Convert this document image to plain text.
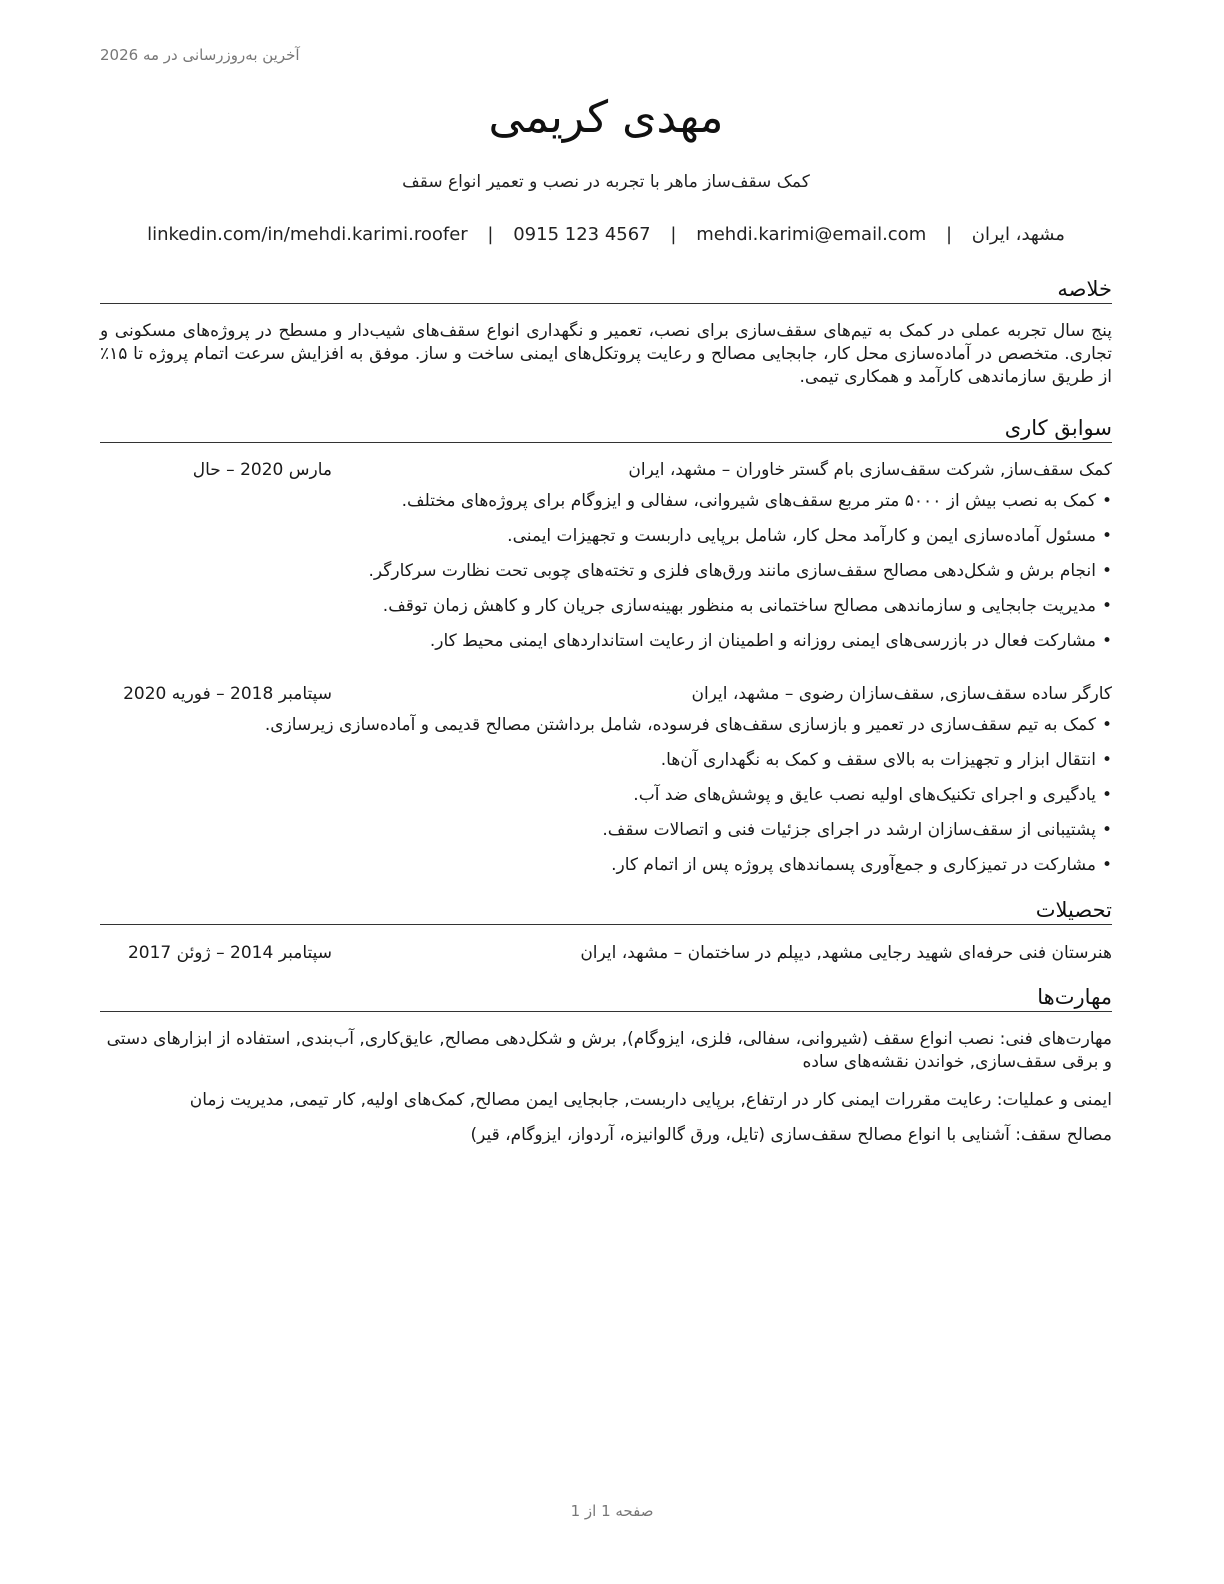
آخرین به‌روزرسانی در مه 2026
مهدی کریمی
کمک سقف‌ساز ماهر با تجربه در نصب و تعمیر انواع سقف
مشهد، ایران | mehdi.karimi@email.com | 0915 123 4567 | linkedin.com/in/mehdi.karimi.roofer
خلاصه
پنج سال تجربه عملی در کمک به تیم‌های سقف‌سازی برای نصب، تعمیر و نگهداری انواع سقف‌های شیب‌دار و مسطح در پروژه‌های مسکونی و تجاری. متخصص در آماده‌سازی محل کار، جابجایی مصالح و رعایت پروتکل‌های ایمنی ساخت و ساز. موفق به افزایش سرعت اتمام پروژه تا ۱۵٪ از طریق سازماندهی کارآمد و همکاری تیمی.
سوابق کاری
کمک سقف‌ساز, شرکت سقف‌سازی بام گستر خاوران – مشهد، ایران
مارس 2020 – حال
•کمک به نصب بیش از ۵۰۰۰ متر مربع سقف‌های شیروانی، سفالی و ایزوگام برای پروژه‌های مختلف.
•مسئول آماده‌سازی ایمن و کارآمد محل کار، شامل برپایی داربست و تجهیزات ایمنی.
•انجام برش و شکل‌دهی مصالح سقف‌سازی مانند ورق‌های فلزی و تخته‌های چوبی تحت نظارت سرکارگر.
•مدیریت جابجایی و سازماندهی مصالح ساختمانی به منظور بهینه‌سازی جریان کار و کاهش زمان توقف.
•مشارکت فعال در بازرسی‌های ایمنی روزانه و اطمینان از رعایت استانداردهای ایمنی محیط کار.
کارگر ساده سقف‌سازی, سقف‌سازان رضوی – مشهد، ایران
سپتامبر 2018 – فوریه 2020
•کمک به تیم سقف‌سازی در تعمیر و بازسازی سقف‌های فرسوده، شامل برداشتن مصالح قدیمی و آماده‌سازی زیرسازی.
•انتقال ابزار و تجهیزات به بالای سقف و کمک به نگهداری آن‌ها.
•یادگیری و اجرای تکنیک‌های اولیه نصب عایق و پوشش‌های ضد آب.
•پشتیبانی از سقف‌سازان ارشد در اجرای جزئیات فنی و اتصالات سقف.
•مشارکت در تمیزکاری و جمع‌آوری پسماندهای پروژه پس از اتمام کار.
تحصیلات
هنرستان فنی حرفه‌ای شهید رجایی مشهد, دیپلم در ساختمان – مشهد، ایران
سپتامبر 2014 – ژوئن 2017
مهارت‌ها
مهارت‌های فنی: نصب انواع سقف (شیروانی، سفالی، فلزی، ایزوگام), برش و شکل‌دهی مصالح, عایق‌کاری, آب‌بندی, استفاده از ابزارهای دستی و برقی سقف‌سازی, خواندن نقشه‌های ساده
ایمنی و عملیات: رعایت مقررات ایمنی کار در ارتفاع, برپایی داربست, جابجایی ایمن مصالح, کمک‌های اولیه, کار تیمی, مدیریت زمان
مصالح سقف: آشنایی با انواع مصالح سقف‌سازی (تایل، ورق گالوانیزه، آردواز، ایزوگام، قیر)
صفحه 1 از 1
